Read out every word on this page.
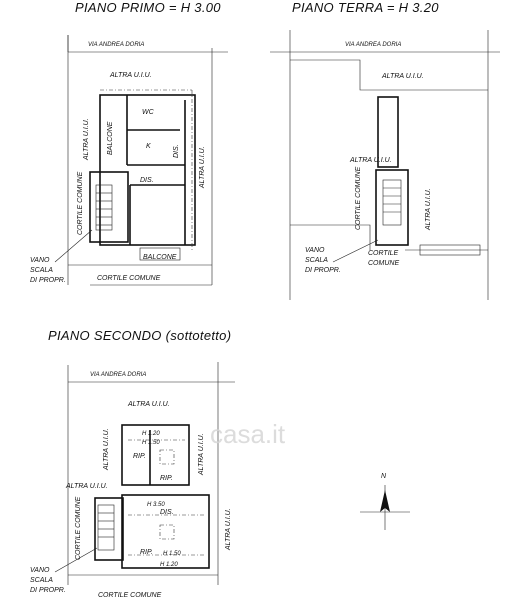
PIANO PRIMO = H 3.00	PIANO TERRA = H 3.20
PIANO SECONDO (sottotetto)
VIA ANDREA DORIA
ALTRA U.I.U.
WC
K
DIS.
BALCONE	DIS.
ALTRA U.I.U.
ALTRA U.I.U.
CORTILE COMUNE
BALCONE
CORTILE COMUNE
VANO
SCALA
DI PROPR.
VIA ANDREA DORIA
ALTRA U.I.U.
ALTRA U.I.U.
ALTRA U.I.U.
CORTILE COMUNE
CORTILE
COMUNE
VANO
SCALA
DI PROPR.
VIA ANDREA DORIA
ALTRA U.I.U.
ALTRA U.I.U.
ALTRA U.I.U.
ALTRA U.I.U.
ALTRA U.I.U.
H 1.20
H 1.50
RIP.
RIP.
H 3.50
DIS.
RIP. H 1.50
H 1.20
CORTILE COMUNE
CORTILE COMUNE
VANO
SCALA
DI PROPR.
N
casa.it
